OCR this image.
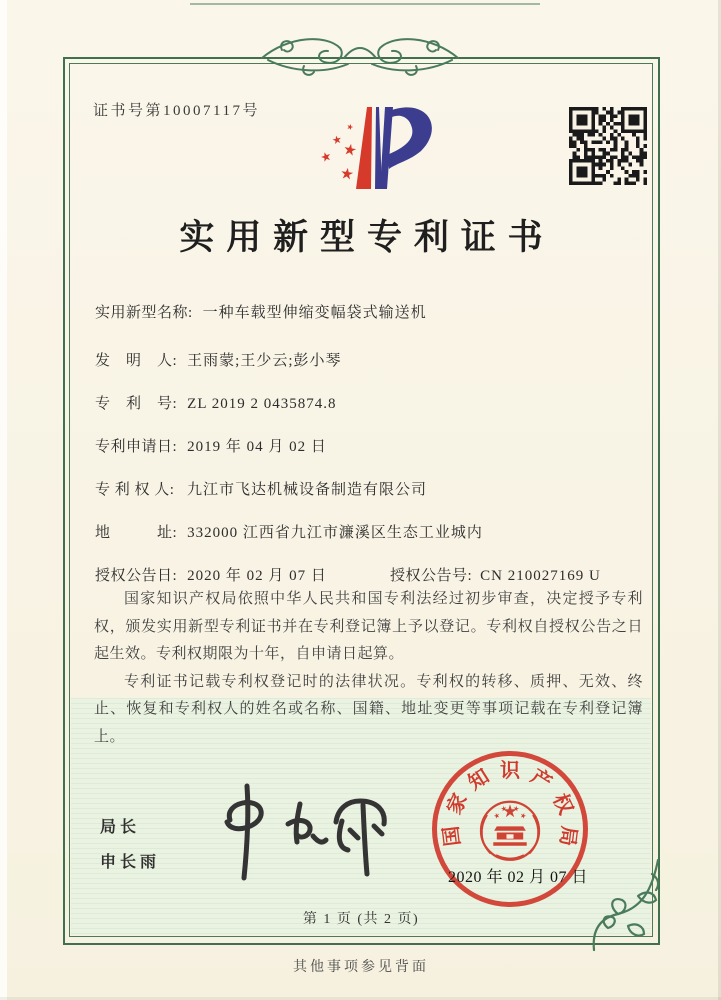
证书号第10007117号
实用新型专利证书
实用新型名称: 一种车载型伸缩变幅袋式输送机
发　明　人: 王雨蒙;王少云;彭小琴
专　利　号: ZL 2019 2 0435874.8
专利申请日: 2019 年 04 月 02 日
专 利 权 人: 九江市飞达机械设备制造有限公司
地　　　址: 332000 江西省九江市濂溪区生态工业城内
授权公告日: 2020 年 02 月 07 日	授权公告号: CN 210027169 U

国家知识产权局依照中华人民共和国专利法经过初步审查，决定授予专利权，颁发实用新型专利证书并在专利登记簿上予以登记。专利权自授权公告之日起生效。专利权期限为十年，自申请日起算。

专利证书记载专利权登记时的法律状况。专利权的转移、质押、无效、终止、恢复和专利权人的姓名或名称、国籍、地址变更等事项记载在专利登记簿上。

局长
申长雨
国
家
知 识 产
权
局
2020 年 02 月 07 日
第 1 页 (共 2 页)
其他事项参见背面
